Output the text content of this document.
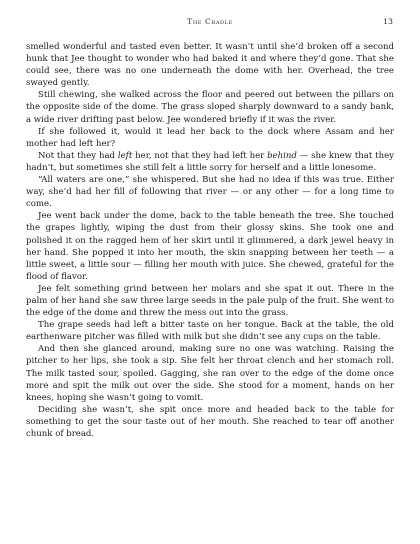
The Cradle	13

smelled wonderful and tasted even better. It wasn’t until she’d broken off a second hunk that Jee thought to wonder who had baked it and where they’d gone. That she could see, there was no one underneath the dome with her. Overhead, the tree swayed gently.

Still chewing, she walked across the floor and peered out between the pillars on the opposite side of the dome. The grass sloped sharply downward to a sandy bank, a wide river drifting past below. Jee wondered briefly if it was the river.

If she followed it, would it lead her back to the dock where Assam and her mother had left her?

Not that they had left her, not that they had left her behind — she knew that they hadn’t, but sometimes she still felt a little sorry for herself and a little lonesome.

“All waters are one,” she whispered. But she had no idea if this was true. Either way, she’d had her fill of following that river — or any other — for a long time to come.

Jee went back under the dome, back to the table beneath the tree. She touched the grapes lightly, wiping the dust from their glossy skins. She took one and polished it on the ragged hem of her skirt until it glimmered, a dark jewel heavy in her hand. She popped it into her mouth, the skin snapping between her teeth — a little sweet, a little sour — filling her mouth with juice. She chewed, grateful for the flood of flavor.

Jee felt something grind between her molars and she spat it out. There in the palm of her hand she saw three large seeds in the pale pulp of the fruit. She went to the edge of the dome and threw the mess out into the grass.

The grape seeds had left a bitter taste on her tongue. Back at the table, the old earthenware pitcher was filled with milk but she didn’t see any cups on the table.

And then she glanced around, making sure no one was watching. Raising the pitcher to her lips, she took a sip. She felt her throat clench and her stomach roll. The milk tasted sour, spoiled. Gagging, she ran over to the edge of the dome once more and spit the milk out over the side. She stood for a moment, hands on her knees, hoping she wasn’t going to vomit.

Deciding she wasn’t, she spit once more and headed back to the table for something to get the sour taste out of her mouth. She reached to tear off another chunk of bread.
